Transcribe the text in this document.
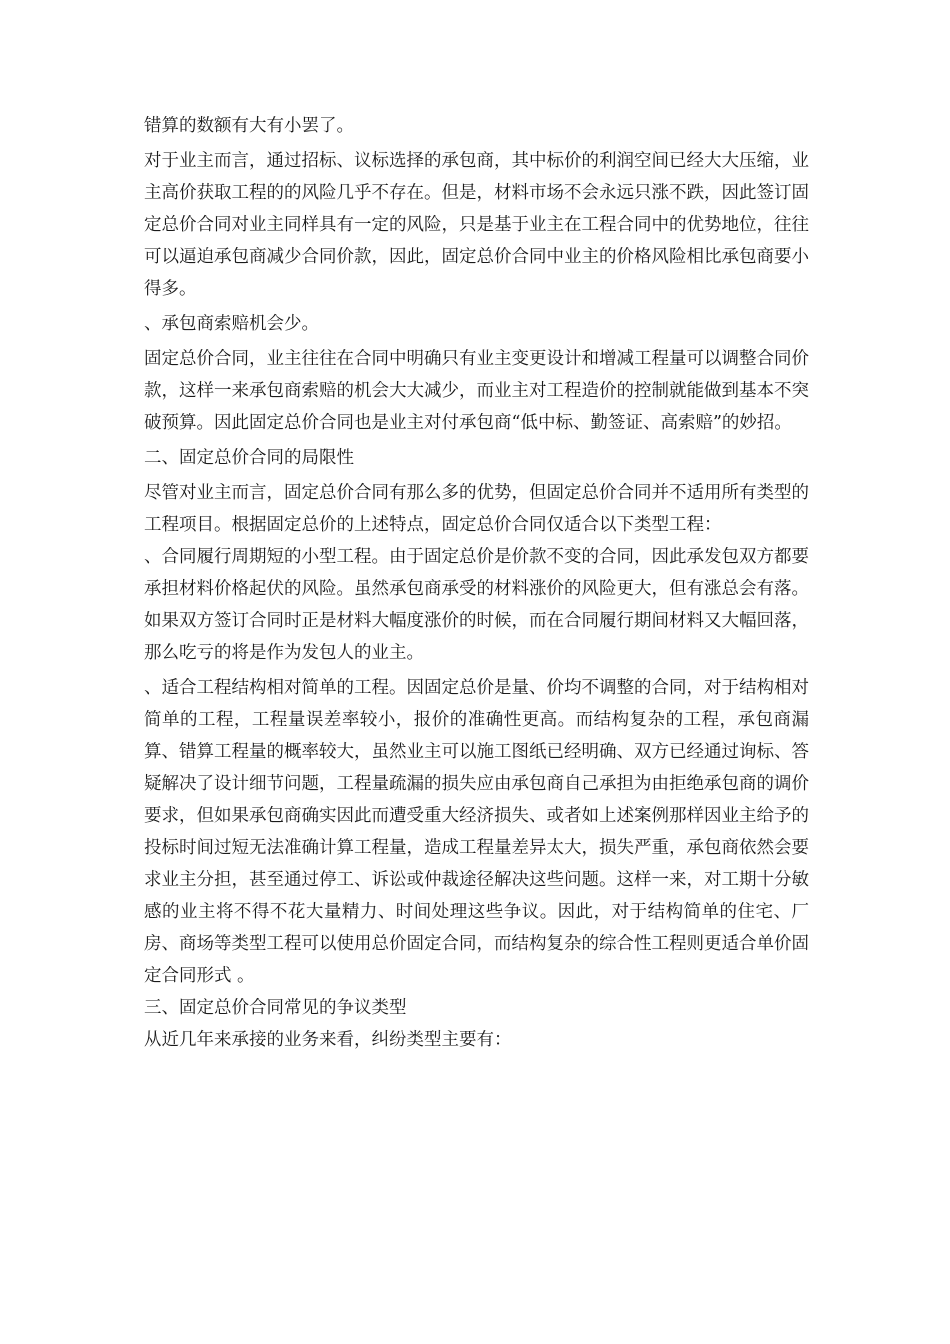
错算的数额有大有小罢了。

对于业主而言，通过招标、议标选择的承包商，其中标价的利润空间已经大大压缩，业主高价获取工程的的风险几乎不存在。但是，材料市场不会永远只涨不跌，因此签订固定总价合同对业主同样具有一定的风险，只是基于业主在工程合同中的优势地位，往往可以逼迫承包商减少合同价款，因此，固定总价合同中业主的价格风险相比承包商要小得多。

、承包商索赔机会少。

固定总价合同，业主往往在合同中明确只有业主变更设计和增减工程量可以调整合同价款，这样一来承包商索赔的机会大大减少，而业主对工程造价的控制就能做到基本不突破预算。因此固定总价合同也是业主对付承包商“低中标、勤签证、高索赔”的妙招。

二、固定总价合同的局限性

尽管对业主而言，固定总价合同有那么多的优势，但固定总价合同并不适用所有类型的工程项目。根据固定总价的上述特点，固定总价合同仅适合以下类型工程：

、合同履行周期短的小型工程。由于固定总价是价款不变的合同，因此承发包双方都要承担材料价格起伏的风险。虽然承包商承受的材料涨价的风险更大，但有涨总会有落。如果双方签订合同时正是材料大幅度涨价的时候，而在合同履行期间材料又大幅回落，那么吃亏的将是作为发包人的业主。

、适合工程结构相对简单的工程。因固定总价是量、价均不调整的合同，对于结构相对简单的工程，工程量误差率较小，报价的准确性更高。而结构复杂的工程，承包商漏算、错算工程量的概率较大，虽然业主可以施工图纸已经明确、双方已经通过询标、答疑解决了设计细节问题，工程量疏漏的损失应由承包商自己承担为由拒绝承包商的调价要求，但如果承包商确实因此而遭受重大经济损失、或者如上述案例那样因业主给予的投标时间过短无法准确计算工程量，造成工程量差异太大，损失严重，承包商依然会要求业主分担，甚至通过停工、诉讼或仲裁途径解决这些问题。这样一来，对工期十分敏感的业主将不得不花大量精力、时间处理这些争议。因此，对于结构简单的住宅、厂房、商场等类型工程可以使用总价固定合同，而结构复杂的综合性工程则更适合单价固定合同形式 。

三、固定总价合同常见的争议类型

从近几年来承接的业务来看，纠纷类型主要有：
